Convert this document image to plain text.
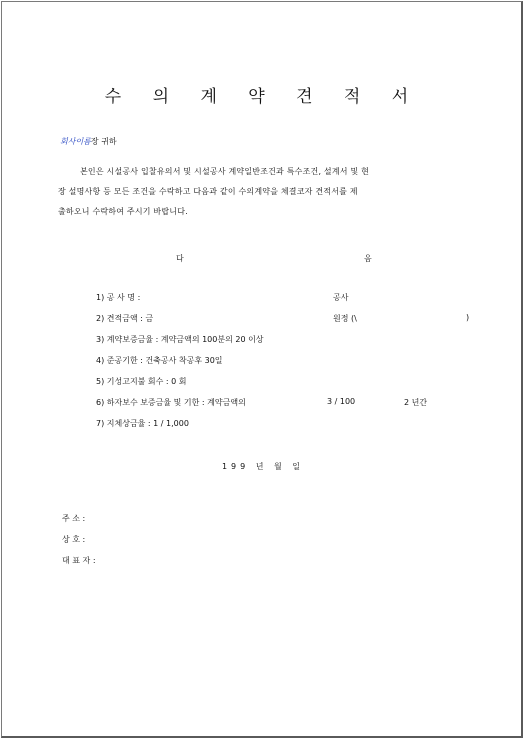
수 의 계 약 견 적 서
회사이름장 귀하
본인은 시설공사 입찰유의서 및 시설공사 계약일반조건과 특수조건, 설계서 및 현
장 설명사항 등 모든 조건을 수락하고 다음과 같이 수의계약을 체결코자 견적서를 제
출하오니 수락하여 주시기 바랍니다.
다	음
1) 공 사 명 :	공사
2) 견적금액 : 금	원정 (\	)
3) 계약보증금율 : 계약금액의 100분의 20 이상
4) 준공기한 : 건축공사 착공후 30일
5) 기성고지불 회수 : 0 회
6) 하자보수 보증금율 및 기한 : 계약금액의	3 / 100	2 년간
7) 지체상금율 : 1 / 1,000
199 년 월 일
주 소 :
상 호 :
대 표 자 :
